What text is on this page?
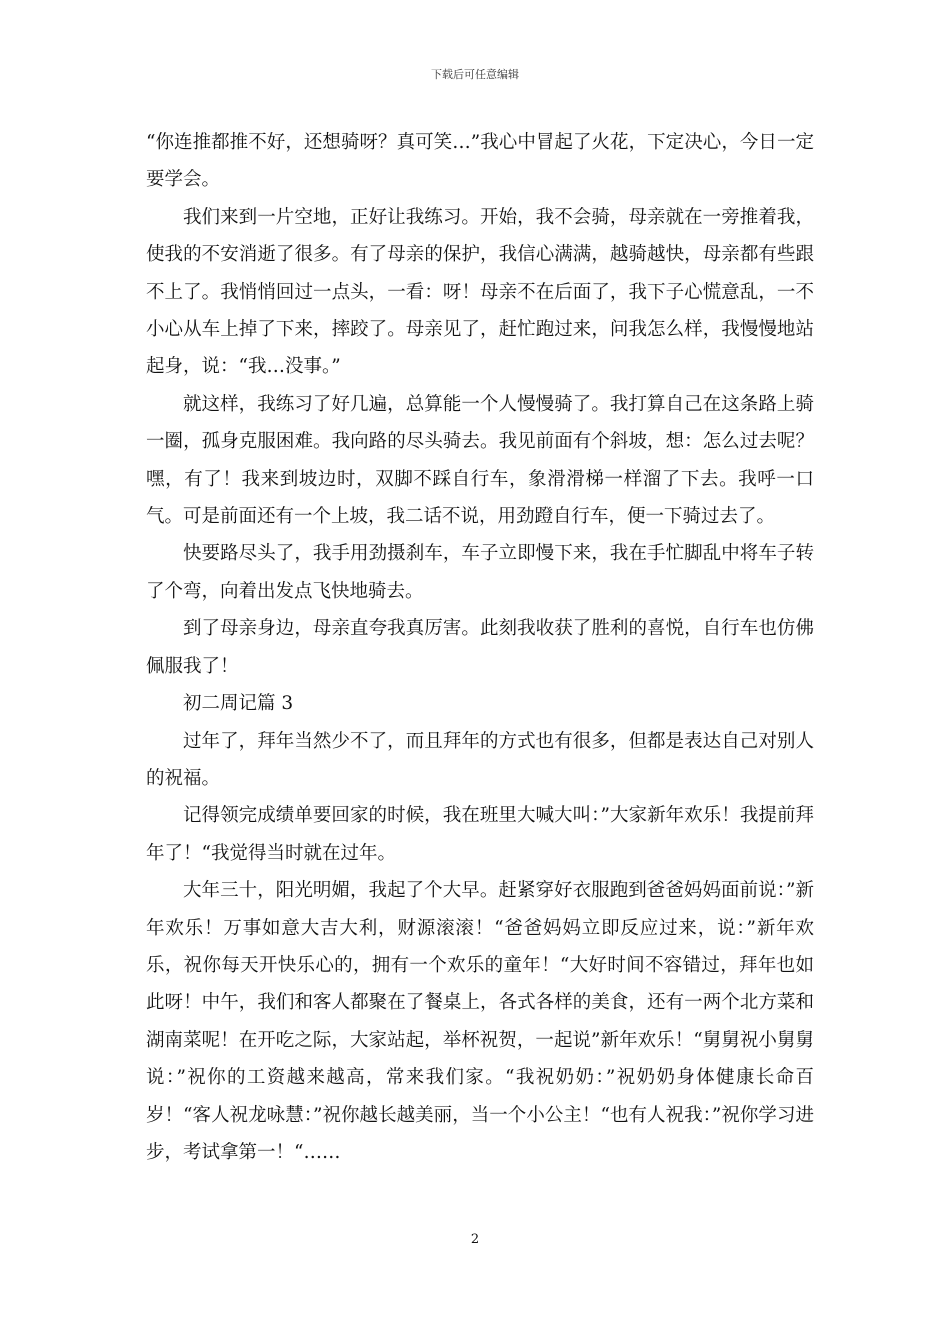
下载后可任意编辑

“你连推都推不好，还想骑呀？真可笑…”我心中冒起了火花，下定决心，今日一定要学会。

我们来到一片空地，正好让我练习。开始，我不会骑，母亲就在一旁推着我，使我的不安消逝了很多。有了母亲的保护，我信心满满，越骑越快，母亲都有些跟不上了。我悄悄回过一点头，一看：呀！母亲不在后面了，我下子心慌意乱，一不小心从车上掉了下来，摔跤了。母亲见了，赶忙跑过来，问我怎么样，我慢慢地站起身，说：“我…没事。”

就这样，我练习了好几遍，总算能一个人慢慢骑了。我打算自己在这条路上骑一圈，孤身克服困难。我向路的尽头骑去。我见前面有个斜坡，想：怎么过去呢？嘿，有了！我来到坡边时，双脚不踩自行车，象滑滑梯一样溜了下去。我呼一口气。可是前面还有一个上坡，我二话不说，用劲蹬自行车，便一下骑过去了。

快要路尽头了，我手用劲摄刹车，车子立即慢下来，我在手忙脚乱中将车子转了个弯，向着出发点飞快地骑去。

到了母亲身边，母亲直夸我真厉害。此刻我收获了胜利的喜悦，自行车也仿佛佩服我了！

初二周记篇 3

过年了，拜年当然少不了，而且拜年的方式也有很多，但都是表达自己对别人的祝福。

记得领完成绩单要回家的时候，我在班里大喊大叫：”大家新年欢乐！我提前拜年了！“我觉得当时就在过年。

大年三十，阳光明媚，我起了个大早。赶紧穿好衣服跑到爸爸妈妈面前说：”新年欢乐！万事如意大吉大利，财源滚滚！“爸爸妈妈立即反应过来，说：”新年欢乐，祝你每天开快乐心的，拥有一个欢乐的童年！“大好时间不容错过，拜年也如此呀！中午，我们和客人都聚在了餐桌上，各式各样的美食，还有一两个北方菜和湖南菜呢！在开吃之际，大家站起，举杯祝贺，一起说”新年欢乐！“舅舅祝小舅舅说：”祝你的工资越来越高，常来我们家。“我祝奶奶：”祝奶奶身体健康长命百岁！“客人祝龙咏慧：”祝你越长越美丽，当一个小公主！“也有人祝我：”祝你学习进步，考试拿第一！“……

2
